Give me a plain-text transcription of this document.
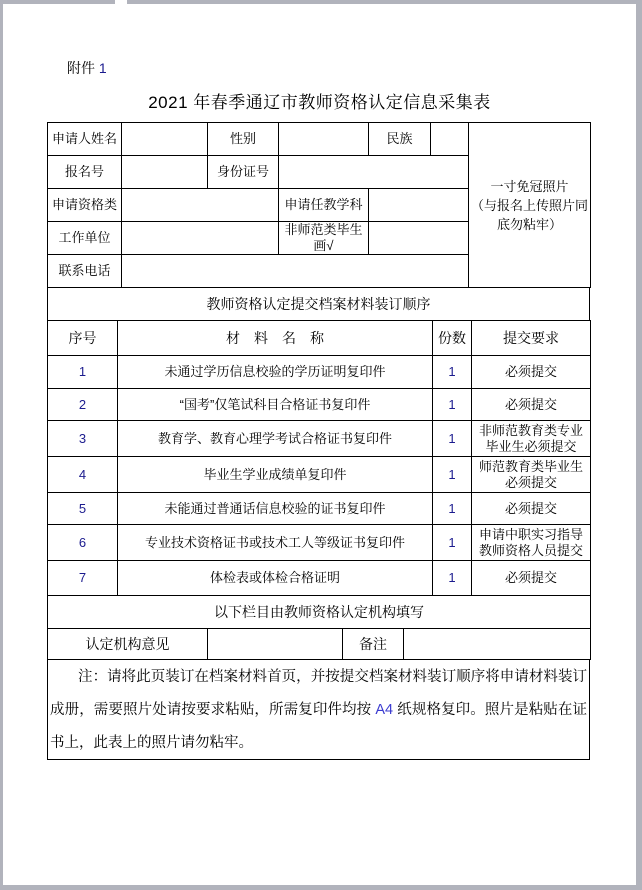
附件 1
2021 年春季通辽市教师资格认定信息采集表
申请人姓名		性别		民族		一寸免冠照片
（与报名上传照片同
底勿粘牢）

报名号		身份证号				
申请资格类			申请任教学科			
工作单位			非师范类毕生画√			
联系电话						
教师资格认定提交档案材料装订顺序
序号	材　料　名　称	份数	提交要求
1	未通过学历信息校验的学历证明复印件	1	必须提交
2	“国考”仅笔试科目合格证书复印件	1	必须提交
3	教育学、教育心理学考试合格证书复印件	1	非师范教育类专业毕业生必须提交
4	毕业生学业成绩单复印件	1	师范教育类毕业生必须提交
5	未能通过普通话信息校验的证书复印件	1	必须提交
6	专业技术资格证书或技术工人等级证书复印件	1	申请中职实习指导教师资格人员提交
7	体检表或体检合格证明	1	必须提交
以下栏目由教师资格认定机构填写			
认定机构意见		备注	
注：请将此页装订在档案材料首页，并按提交档案材料装订顺序将申请材料装订成册，需要照片处请按要求粘贴，所需复印件均按 A4 纸规格复印。照片是粘贴在证书上，此表上的照片请勿粘牢。
